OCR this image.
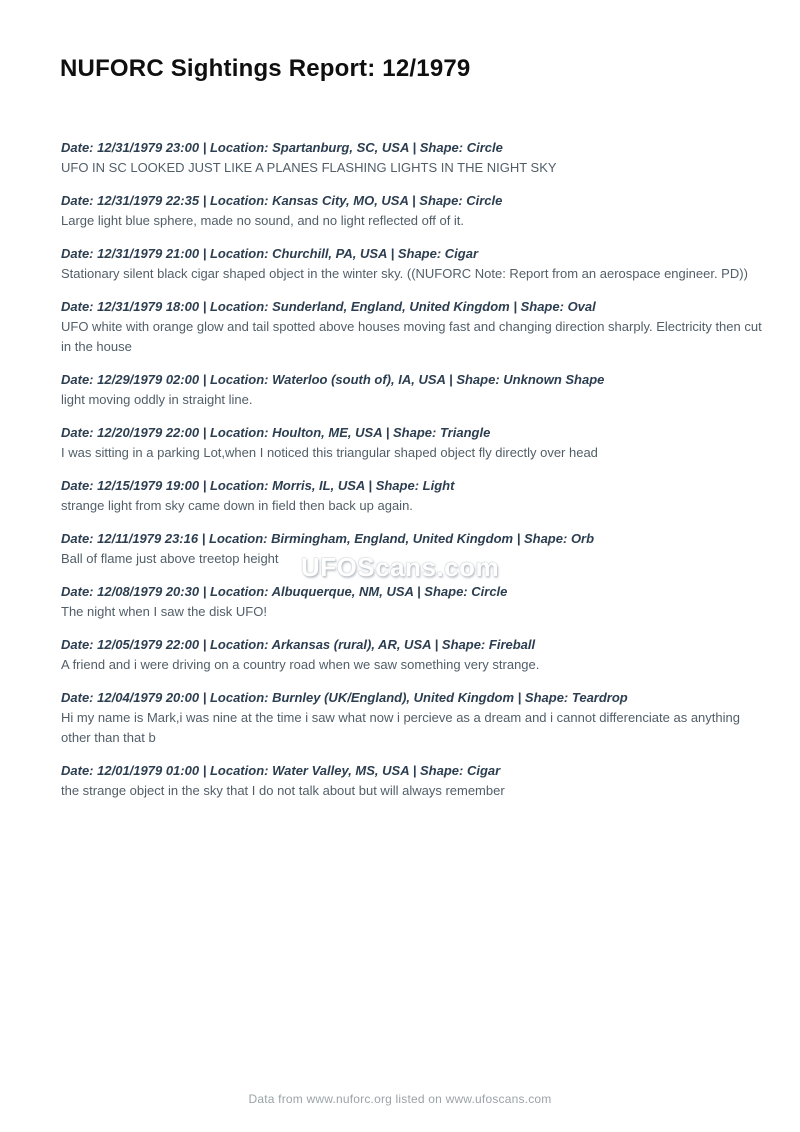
NUFORC Sightings Report: 12/1979

Date: 12/31/1979 23:00 | Location: Spartanburg, SC, USA | Shape: Circle

UFO IN SC LOOKED JUST LIKE A PLANES FLASHING LIGHTS IN THE NIGHT SKY

Date: 12/31/1979 22:35 | Location: Kansas City, MO, USA | Shape: Circle

Large light blue sphere, made no sound, and no light reflected off of it.

Date: 12/31/1979 21:00 | Location: Churchill, PA, USA | Shape: Cigar

Stationary silent black cigar shaped object in the winter sky. ((NUFORC Note: Report from an aerospace engineer. PD))

Date: 12/31/1979 18:00 | Location: Sunderland, England, United Kingdom | Shape: Oval

UFO white with orange glow and tail spotted above houses moving fast and changing direction sharply. Electricity then cut in the house

Date: 12/29/1979 02:00 | Location: Waterloo (south of), IA, USA | Shape: Unknown Shape

light moving oddly in straight line.

Date: 12/20/1979 22:00 | Location: Houlton, ME, USA | Shape: Triangle

I was sitting in a parking Lot,when I noticed this triangular shaped object fly directly over head

Date: 12/15/1979 19:00 | Location: Morris, IL, USA | Shape: Light

strange light from sky came down in field then back up again.

Date: 12/11/1979 23:16 | Location: Birmingham, England, United Kingdom | Shape: Orb

Ball of flame just above treetop height

Date: 12/08/1979 20:30 | Location: Albuquerque, NM, USA | Shape: Circle

The night when I saw the disk UFO!

Date: 12/05/1979 22:00 | Location: Arkansas (rural), AR, USA | Shape: Fireball

A friend and i were driving on a country road when we saw something very strange.

Date: 12/04/1979 20:00 | Location: Burnley (UK/England), United Kingdom | Shape: Teardrop

Hi my name is Mark,i was nine at the time i saw what now i percieve as a dream and i cannot differenciate as anything other than that b

Date: 12/01/1979 01:00 | Location: Water Valley, MS, USA | Shape: Cigar

the strange object in the sky that I do not talk about but will always remember

UFOScans.com
Data from www.nuforc.org listed on www.ufoscans.com
